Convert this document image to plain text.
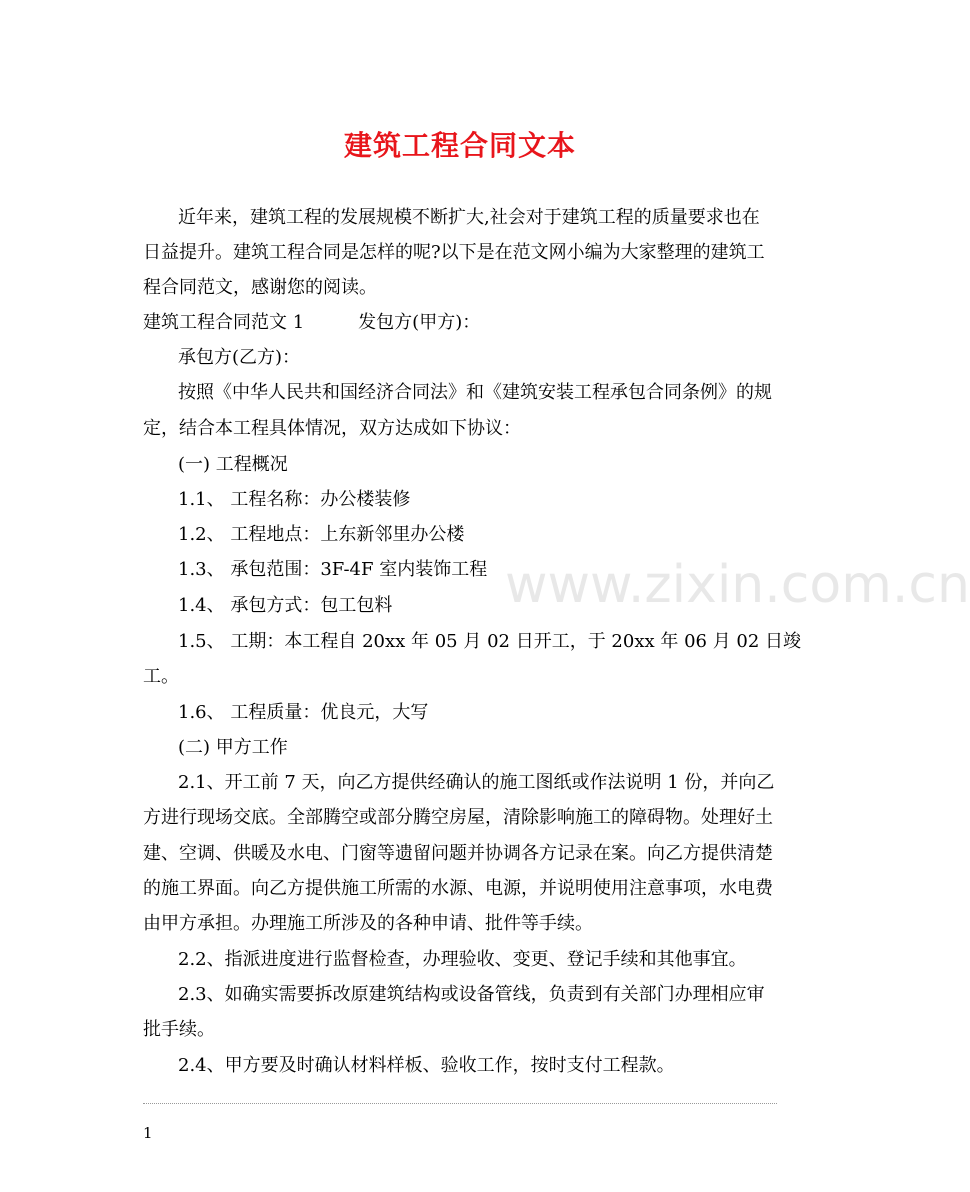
建筑工程合同文本
www.zixin.com.cn
近年来，建筑工程的发展规模不断扩大,社会对于建筑工程的质量要求也在
日益提升。建筑工程合同是怎样的呢?以下是在范文网小编为大家整理的建筑工
程合同范文，感谢您的阅读。
建筑工程合同范文 1　　　发包方(甲方)：
承包方(乙方)：
按照《中华人民共和国经济合同法》和《建筑安装工程承包合同条例》的规
定，结合本工程具体情况，双方达成如下协议：
(一) 工程概况
1.1、 工程名称：办公楼装修
1.2、 工程地点：上东新邻里办公楼
1.3、 承包范围：3F-4F 室内装饰工程
1.4、 承包方式：包工包料
1.5、 工期：本工程自 20xx 年 05 月 02 日开工，于 20xx 年 06 月 02 日竣
工。
1.6、 工程质量：优良元，大写
(二) 甲方工作
2.1、开工前 7 天，向乙方提供经确认的施工图纸或作法说明 1 份，并向乙
方进行现场交底。全部腾空或部分腾空房屋，清除影响施工的障碍物。处理好土
建、空调、供暖及水电、门窗等遗留问题并协调各方记录在案。向乙方提供清楚
的施工界面。向乙方提供施工所需的水源、电源，并说明使用注意事项，水电费
由甲方承担。办理施工所涉及的各种申请、批件等手续。
2.2、指派进度进行监督检查，办理验收、变更、登记手续和其他事宜。
2.3、如确实需要拆改原建筑结构或设备管线，负责到有关部门办理相应审
批手续。
2.4、甲方要及时确认材料样板、验收工作，按时支付工程款。
1
